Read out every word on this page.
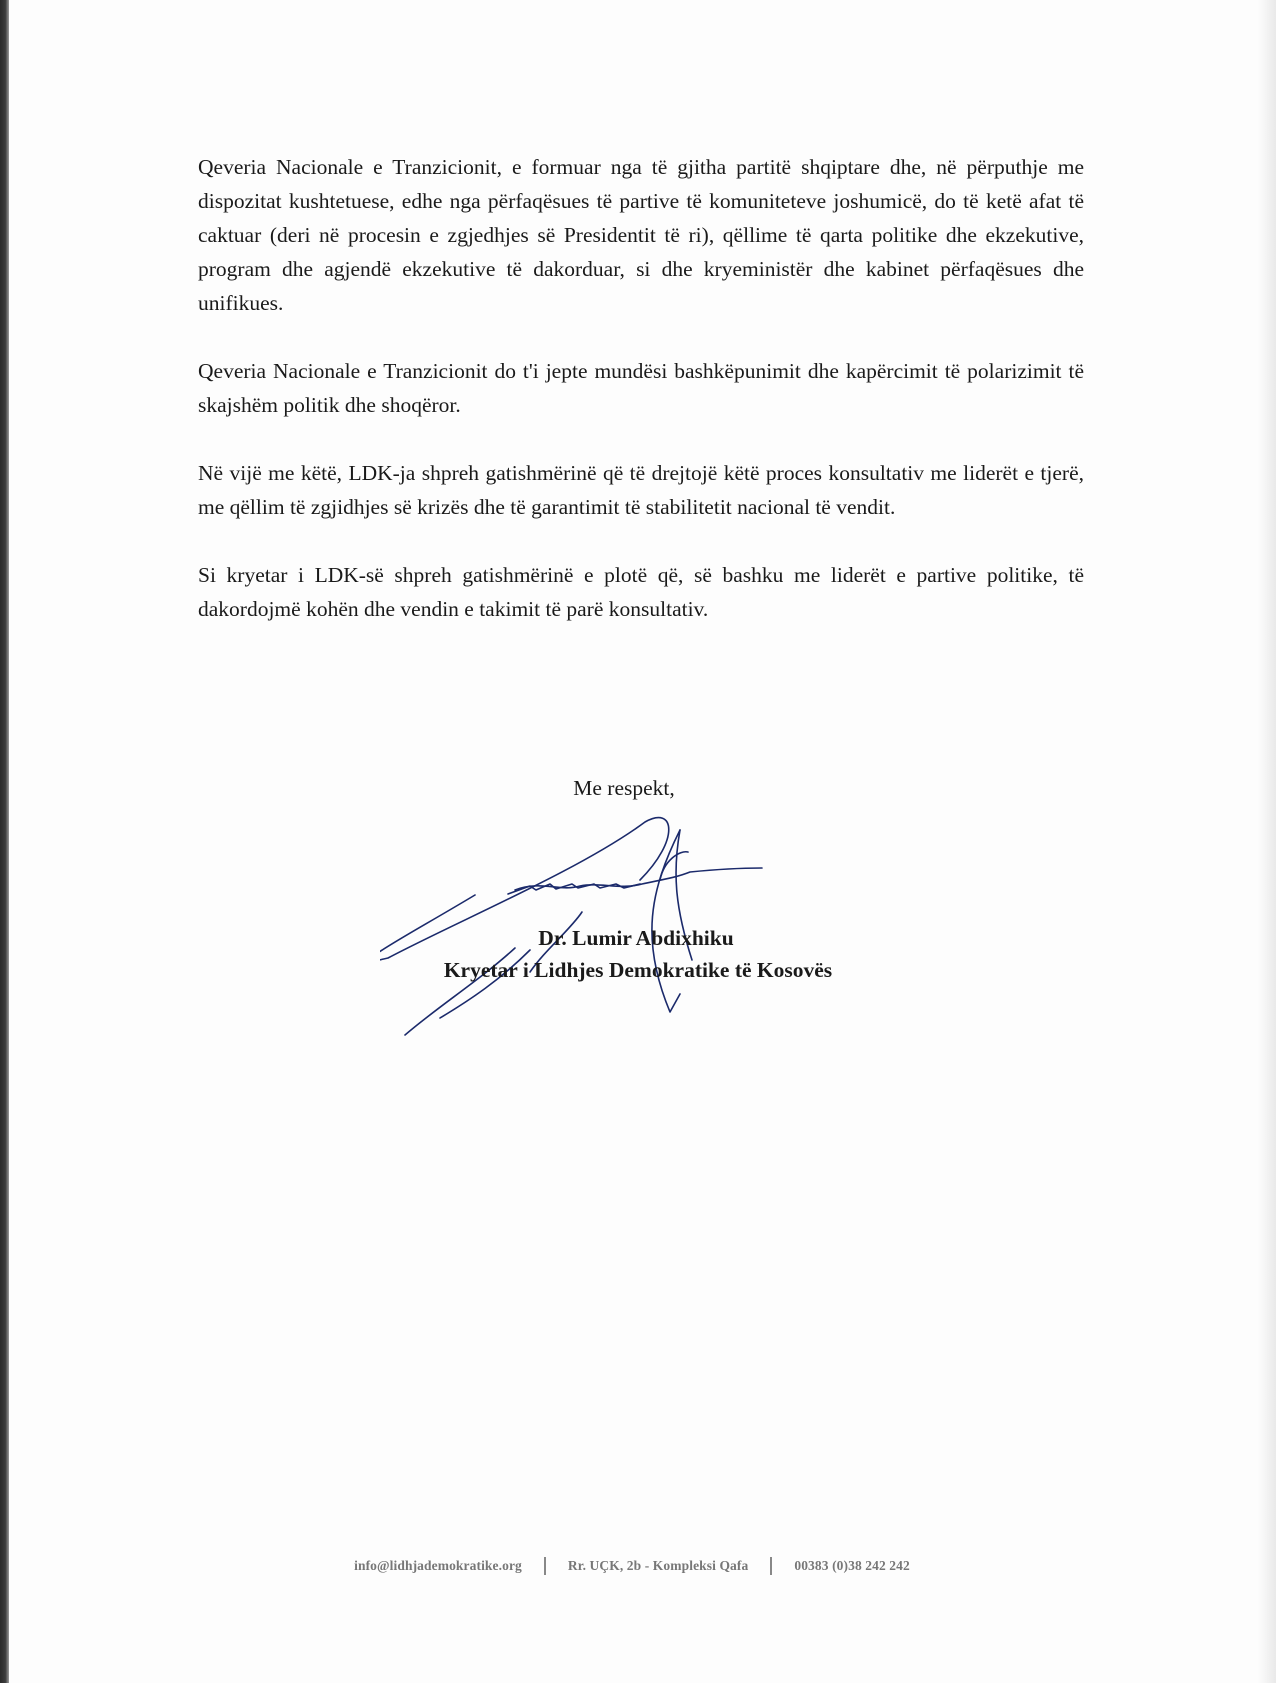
Qeveria Nacionale e Tranzicionit, e formuar nga të gjitha partitë shqiptare dhe, në përputhje me dispozitat kushtetuese, edhe nga përfaqësues të partive të komuniteteve joshumicë, do të ketë afat të caktuar (deri në procesin e zgjedhjes së Presidentit të ri), qëllime të qarta politike dhe ekzekutive, program dhe agjendë ekzekutive të dakorduar, si dhe kryeministër dhe kabinet përfaqësues dhe unifikues.

Qeveria Nacionale e Tranzicionit do t'i jepte mundësi bashkëpunimit dhe kapërcimit të polarizimit të skajshëm politik dhe shoqëror.

Në vijë me këtë, LDK-ja shpreh gatishmërinë që të drejtojë këtë proces konsultativ me liderët e tjerë, me qëllim të zgjidhjes së krizës dhe të garantimit të stabilitetit nacional të vendit.

Si kryetar i LDK-së shpreh gatishmërinë e plotë që, së bashku me liderët e partive politike, të dakordojmë kohën dhe vendin e takimit të parë konsultativ.

Me respekt,
Dr. Lumir Abdixhiku
Kryetar i Lidhjes Demokratike të Kosovës
info@lidhjademokratike.org	Rr. UÇK, 2b - Kompleksi Qafa	00383 (0)38 242 242
